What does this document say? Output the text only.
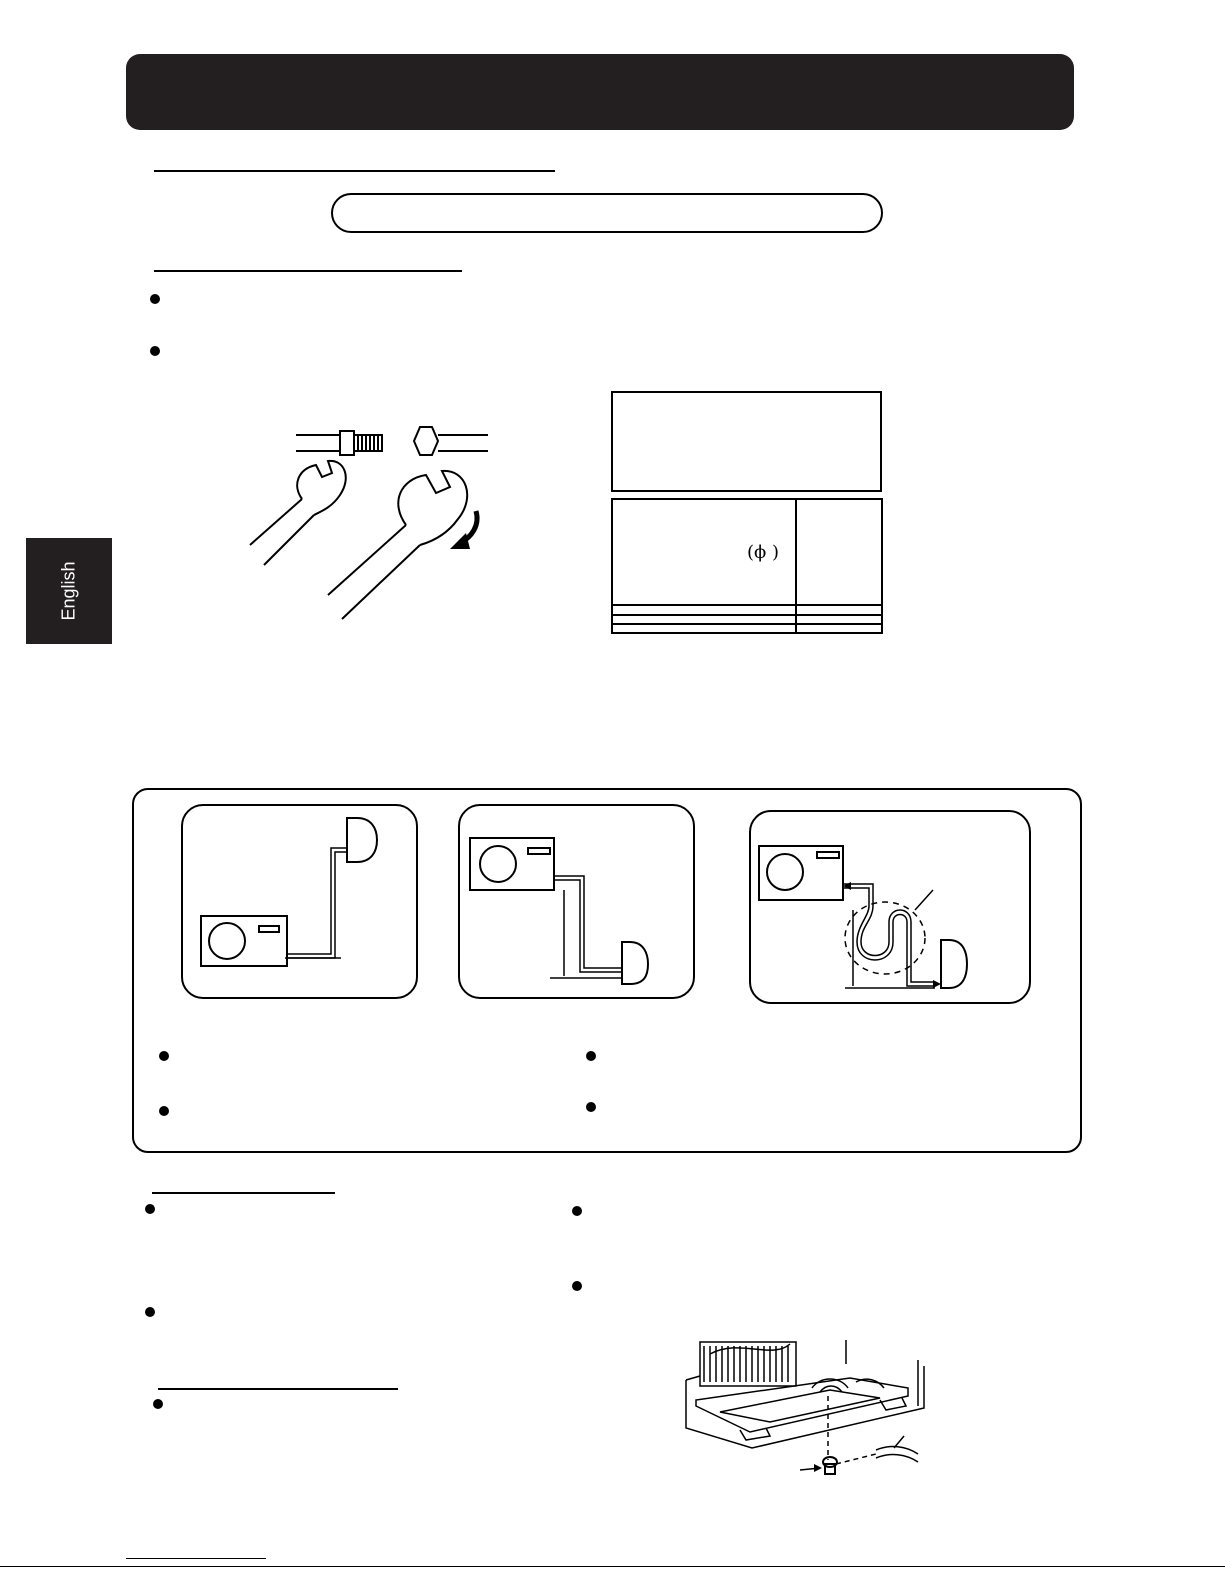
English
(ϕ )	
